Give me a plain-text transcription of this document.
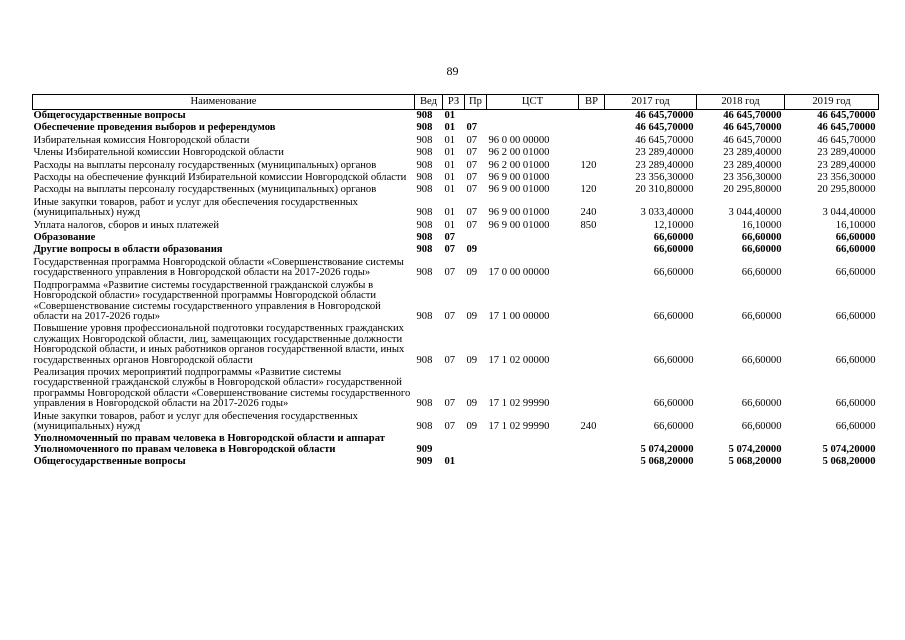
89
Наименование	Вед	РЗ	Пр	ЦСТ	ВР	2017 год	2018 год	2019 год
Общегосударственные вопросы	908	01				46 645,70000	46 645,70000	46 645,70000
Обеспечение проведения выборов и референдумов	908	01	07			46 645,70000	46 645,70000	46 645,70000
Избирательная комиссия Новгородской области	908	01	07	96 0 00 00000		46 645,70000	46 645,70000	46 645,70000
Члены Избирательной комиссии Новгородской области	908	01	07	96 2 00 01000		23 289,40000	23 289,40000	23 289,40000
Расходы на выплаты персоналу государственных (муниципальных) органов	908	01	07	96 2 00 01000	120	23 289,40000	23 289,40000	23 289,40000
Расходы на обеспечение функций Избирательной комиссии Новгородской области	908	01	07	96 9 00 01000		23 356,30000	23 356,30000	23 356,30000
Расходы на выплаты персоналу государственных (муниципальных) органов	908	01	07	96 9 00 01000	120	20 310,80000	20 295,80000	20 295,80000
Иные закупки товаров, работ и услуг для обеспечения государственных (муниципальных) нужд	908	01	07	96 9 00 01000	240	3 033,40000	3 044,40000	3 044,40000
Уплата налогов, сборов и иных платежей	908	01	07	96 9 00 01000	850	12,10000	16,10000	16,10000
Образование	908	07				66,60000	66,60000	66,60000
Другие вопросы в области образования	908	07	09			66,60000	66,60000	66,60000
Государственная программа Новгородской области «Совершенствование системы государственного управления в Новгородской области на 2017-2026 годы»	908	07	09	17 0 00 00000		66,60000	66,60000	66,60000
Подпрограмма «Развитие системы государственной гражданской службы в Новгородской области» государственной программы Новгородской области «Совершенствование системы государственного управления в Новгородской области на 2017-2026 годы»	908	07	09	17 1 00 00000		66,60000	66,60000	66,60000
Повышение уровня профессиональной подготовки государственных гражданских служащих Новгородской области, лиц, замещающих государственные должности Новгородской области, и иных работников органов государственной власти, иных государственных органов Новгородской области	908	07	09	17 1 02 00000		66,60000	66,60000	66,60000
Реализация прочих мероприятий подпрограммы «Развитие системы государственной гражданской службы в Новгородской области» государственной программы Новгородской области «Совершенствование системы государственного управления в Новгородской области на 2017-2026 годы»	908	07	09	17 1 02 99990		66,60000	66,60000	66,60000
Иные закупки товаров, работ и услуг для обеспечения государственных (муниципальных) нужд	908	07	09	17 1 02 99990	240	66,60000	66,60000	66,60000
Уполномоченный по правам человека в Новгородской области и аппарат Уполномоченного по правам человека в Новгородской области	909					5 074,20000	5 074,20000	5 074,20000
Общегосударственные вопросы	909	01				5 068,20000	5 068,20000	5 068,20000
